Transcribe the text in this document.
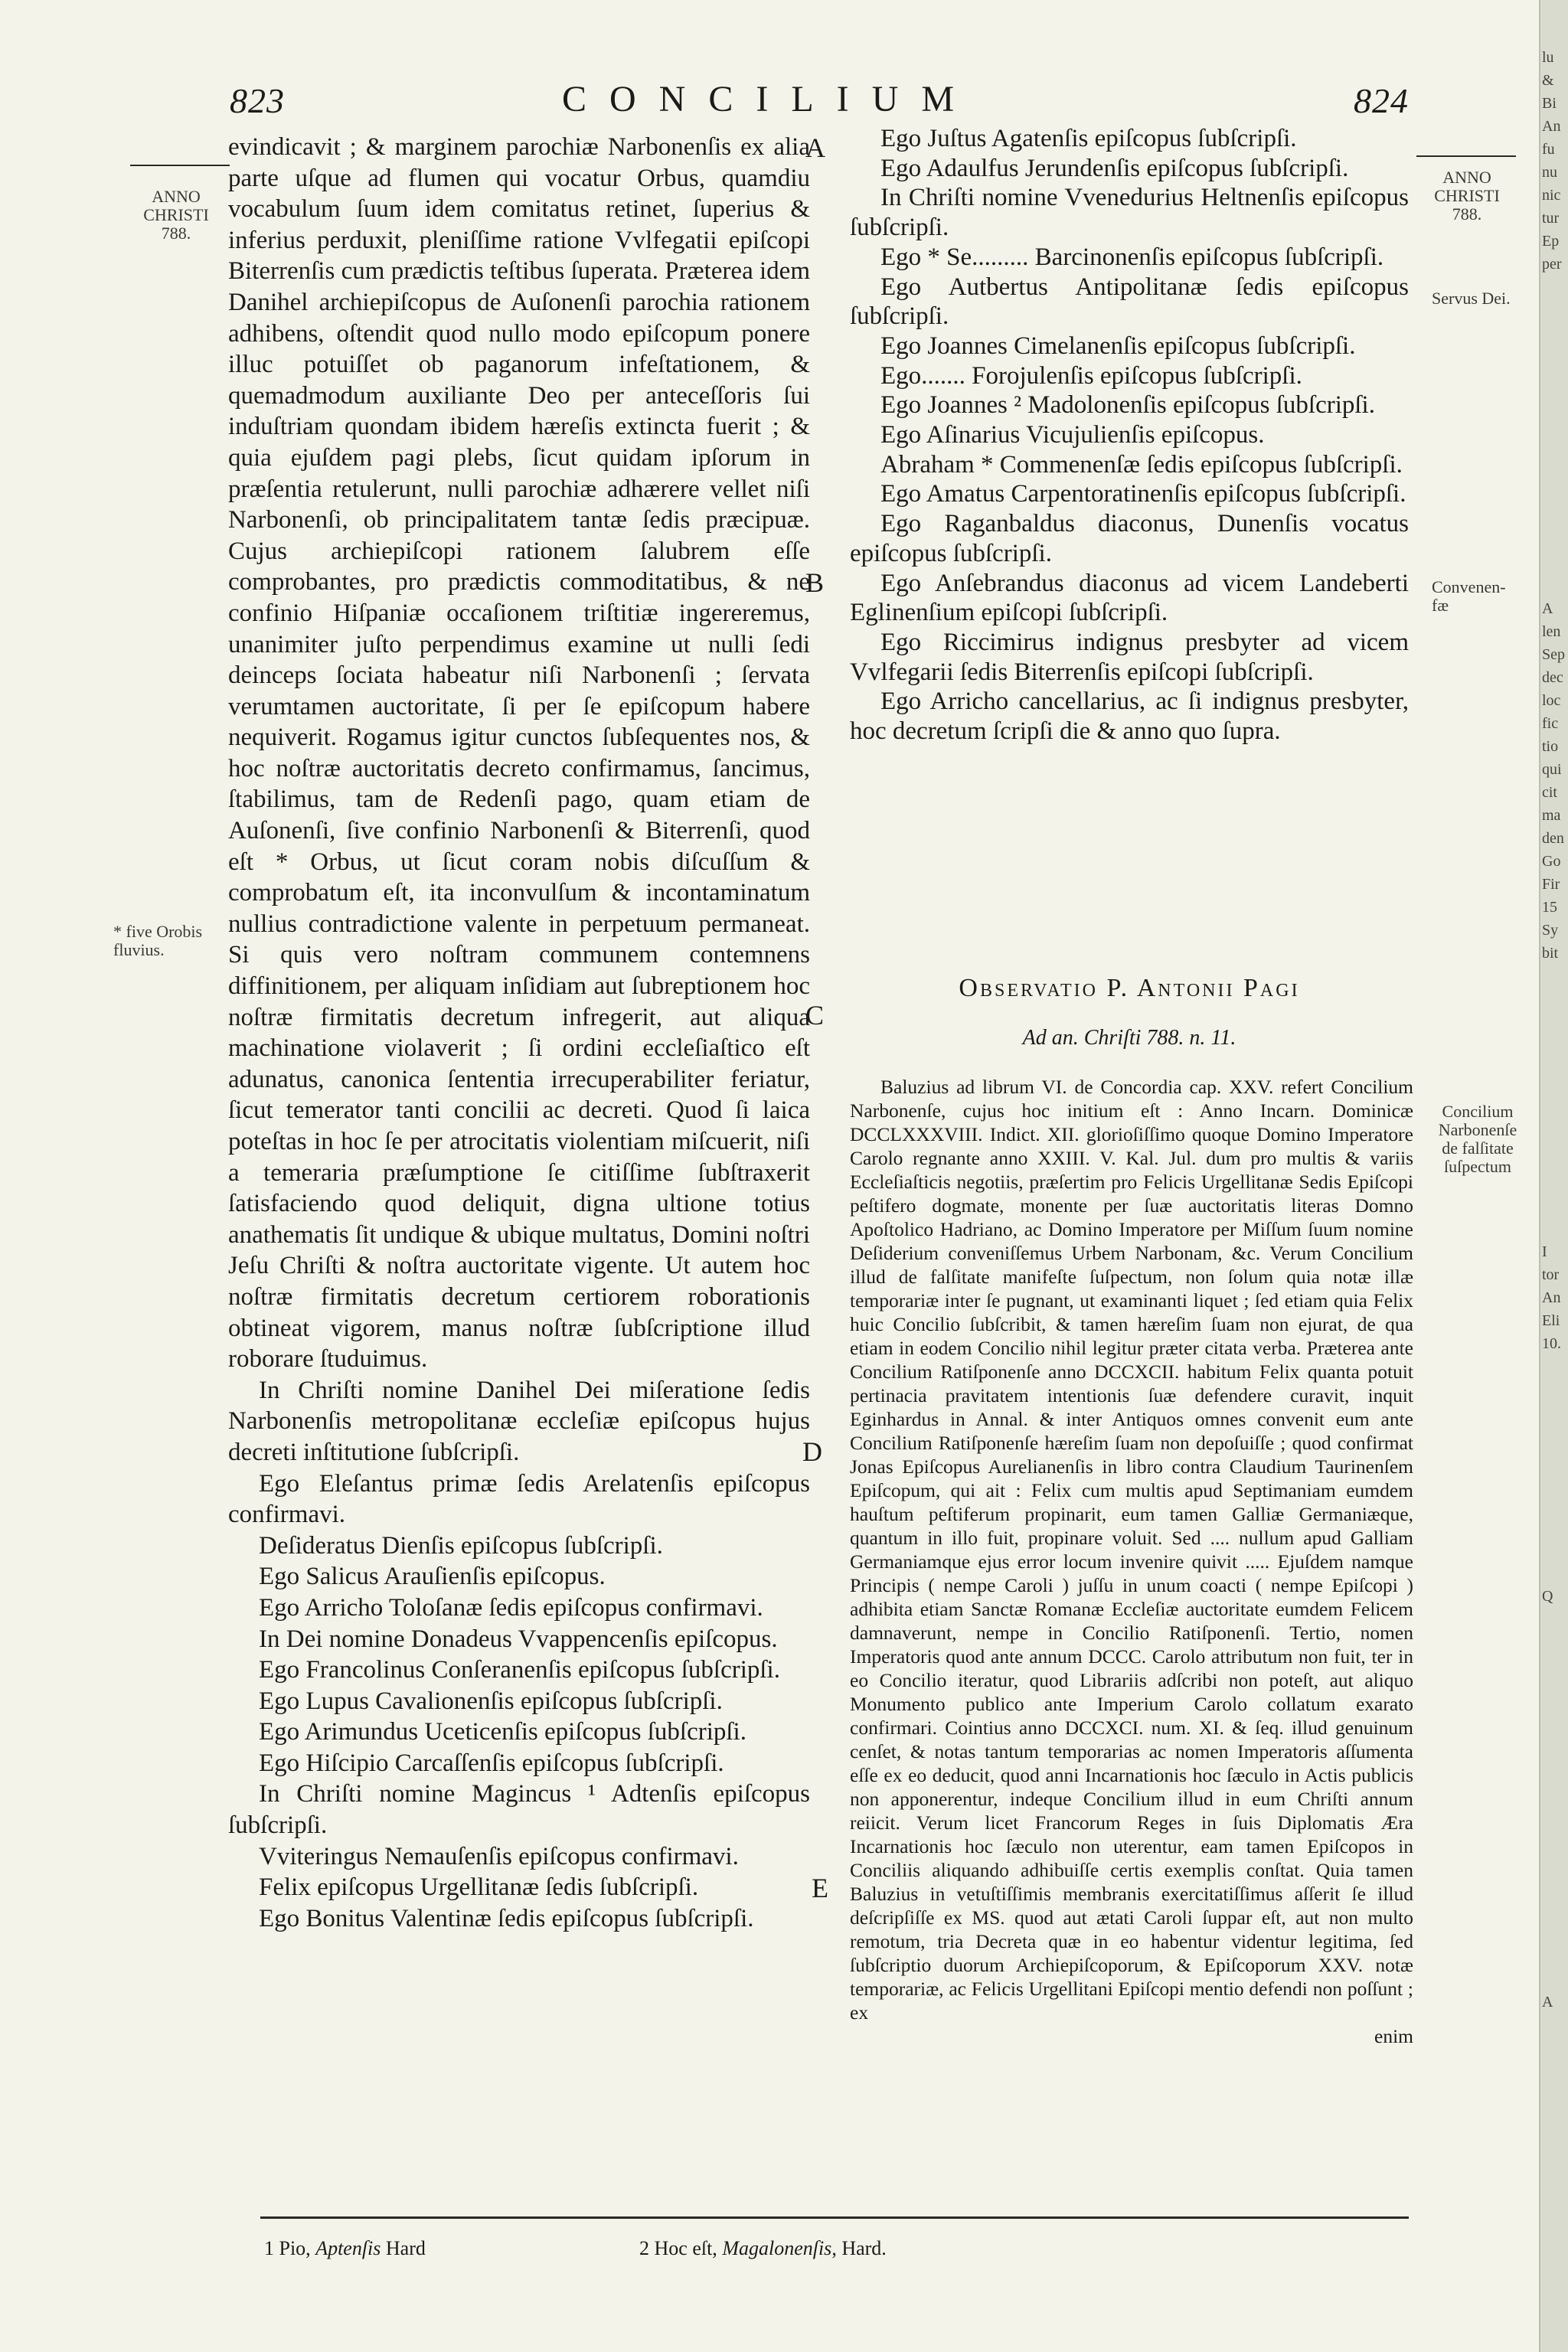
823	CONCILIUM	824
ANNO
CHRISTI
788.
ANNO
CHRISTI
788.
* five Orobis
fluvius.
Servus Dei.
Convenen-
fæ
Concilium
Narbonenſe
de falſitate
ſuſpectum
A
B
C
D
E

evindicavit ; & marginem parochiæ Narbonenſis ex alia parte uſque ad flumen qui vocatur Orbus, quamdiu vocabulum ſuum idem comitatus retinet, ſuperius & inferius perduxit, pleniſſime ratione Vvlfegatii epiſcopi Biterrenſis cum prædictis teſtibus ſuperata. Præterea idem Danihel archiepiſcopus de Auſonenſi parochia rationem adhibens, oſtendit quod nullo modo epiſcopum ponere illuc potuiſſet ob paganorum infeſtationem, & quemadmodum auxiliante Deo per anteceſſoris ſui induſtriam quondam ibidem hæreſis extincta fuerit ; & quia ejuſdem pagi plebs, ſicut quidam ipſorum in præſentia retulerunt, nulli parochiæ adhærere vellet niſi Narbonenſi, ob principalitatem tantæ ſedis præcipuæ. Cujus archiepiſcopi rationem ſalubrem eſſe comprobantes, pro prædictis commoditatibus, & ne confinio Hiſpaniæ occaſionem triſtitiæ ingereremus, unanimiter juſto perpendimus examine ut nulli ſedi deinceps ſociata habeatur niſi Narbonenſi ; ſervata verumtamen auctoritate, ſi per ſe epiſcopum habere nequiverit. Rogamus igitur cunctos ſubſequentes nos, & hoc noſtræ auctoritatis decreto confirmamus, ſancimus, ſtabilimus, tam de Redenſi pago, quam etiam de Auſonenſi, ſive confinio Narbonenſi & Biterrenſi, quod eſt * Orbus, ut ſicut coram nobis diſcuſſum & comprobatum eſt, ita inconvulſum & incontaminatum nullius contradictione valente in perpetuum permaneat. Si quis vero noſtram communem contemnens diffinitionem, per aliquam inſidiam aut ſubreptionem hoc noſtræ firmitatis decretum infregerit, aut aliqua machinatione violaverit ; ſi ordini eccleſiaſtico eſt adunatus, canonica ſententia irrecuperabiliter feriatur, ſicut temerator tanti concilii ac decreti. Quod ſi laica poteſtas in hoc ſe per atrocitatis violentiam miſcuerit, niſi a temeraria præſumptione ſe citiſſime ſubſtraxerit ſatisfaciendo quod deliquit, digna ultione totius anathematis ſit undique & ubique multatus, Domini noſtri Jeſu Chriſti & noſtra auctoritate vigente. Ut autem hoc noſtræ firmitatis decretum certiorem roborationis obtineat vigorem, manus noſtræ ſubſcriptione illud roborare ſtuduimus.

In Chriſti nomine Danihel Dei miſeratione ſedis Narbonenſis metropolitanæ eccleſiæ epiſcopus hujus decreti inſtitutione ſubſcripſi.

Ego Eleſantus primæ ſedis Arelatenſis epiſcopus confirmavi.

Deſideratus Dienſis epiſcopus ſubſcripſi.

Ego Salicus Arauſienſis epiſcopus.

Ego Arricho Toloſanæ ſedis epiſcopus confirmavi.

In Dei nomine Donadeus Vvappencenſis epiſcopus.

Ego Francolinus Conſeranenſis epiſcopus ſubſcripſi.

Ego Lupus Cavalionenſis epiſcopus ſubſcripſi.

Ego Arimundus Uceticenſis epiſcopus ſubſcripſi.

Ego Hiſcipio Carcaſſenſis epiſcopus ſubſcripſi.

In Chriſti nomine Magincus ¹ Adtenſis epiſcopus ſubſcripſi.

Vviteringus Nemauſenſis epiſcopus confirmavi.

Felix epiſcopus Urgellitanæ ſedis ſubſcripſi.

Ego Bonitus Valentinæ ſedis epiſcopus ſubſcripſi.

Ego Juſtus Agatenſis epiſcopus ſubſcripſi.

Ego Adaulfus Jerundenſis epiſcopus ſubſcripſi.

In Chriſti nomine Vvenedurius Heltnenſis epiſcopus ſubſcripſi.

Ego * Se......... Barcinonenſis epiſcopus ſubſcripſi.

Ego Autbertus Antipolitanæ ſedis epiſcopus ſubſcripſi.

Ego Joannes Cimelanenſis epiſcopus ſubſcripſi.

Ego....... Forojulenſis epiſcopus ſubſcripſi.

Ego Joannes ² Madolonenſis epiſcopus ſubſcripſi.

Ego Aſinarius Vicujulienſis epiſcopus.

Abraham * Commenenſæ ſedis epiſcopus ſubſcripſi.

Ego Amatus Carpentoratinenſis epiſcopus ſubſcripſi.

Ego Raganbaldus diaconus, Dunenſis vocatus epiſcopus ſubſcripſi.

Ego Anſebrandus diaconus ad vicem Landeberti Eglinenſium epiſcopi ſubſcripſi.

Ego Riccimirus indignus presbyter ad vicem Vvlfegarii ſedis Biterrenſis epiſcopi ſubſcripſi.

Ego Arricho cancellarius, ac ſi indignus presbyter, hoc decretum ſcripſi die & anno quo ſupra.

Observatio P. Antonii Pagi
Ad an. Chriſti 788. n. 11.
Baluzius ad librum VI. de Concordia cap. XXV. refert Concilium Narbonenſe, cujus hoc initium eſt : Anno Incarn. Dominicæ DCCLXXXVIII. Indict. XII. glorioſiſſimo quoque Domino Imperatore Carolo regnante anno XXIII. V. Kal. Jul. dum pro multis & variis Eccleſiaſticis negotiis, præſertim pro Felicis Urgellitanæ Sedis Epiſcopi peſtifero dogmate, monente per ſuæ auctoritatis literas Domno Apoſtolico Hadriano, ac Domino Imperatore per Miſſum ſuum nomine Deſiderium conveniſſemus Urbem Narbonam, &c. Verum Concilium illud de falſitate manifeſte ſuſpectum, non ſolum quia notæ illæ temporariæ inter ſe pugnant, ut examinanti liquet ; ſed etiam quia Felix huic Concilio ſubſcribit, & tamen hæreſim ſuam non ejurat, de qua etiam in eodem Concilio nihil legitur præter citata verba. Præterea ante Concilium Ratiſponenſe anno DCCXCII. habitum Felix quanta potuit pertinacia pravitatem intentionis ſuæ defendere curavit, inquit Eginhardus in Annal. & inter Antiquos omnes convenit eum ante Concilium Ratiſponenſe hæreſim ſuam non depoſuiſſe ; quod confirmat Jonas Epiſcopus Aurelianenſis in libro contra Claudium Taurinenſem Epiſcopum, qui ait : Felix cum multis apud Septimaniam eumdem hauſtum peſtiferum propinarit, eum tamen Galliæ Germaniæque, quantum in illo fuit, propinare voluit. Sed .... nullum apud Galliam Germaniamque ejus error locum invenire quivit ..... Ejuſdem namque Principis ( nempe Caroli ) juſſu in unum coacti ( nempe Epiſcopi ) adhibita etiam Sanctæ Romanæ Eccleſiæ auctoritate eumdem Felicem damnaverunt, nempe in Concilio Ratiſponenſi. Tertio, nomen Imperatoris quod ante annum DCCC. Carolo attributum non fuit, ter in eo Concilio iteratur, quod Librariis adſcribi non poteſt, aut aliquo Monumento publico ante Imperium Carolo collatum exarato confirmari. Cointius anno DCCXCI. num. XI. & ſeq. illud genuinum cenſet, & notas tantum temporarias ac nomen Imperatoris aſſumenta eſſe ex eo deducit, quod anni Incarnationis hoc ſæculo in Actis publicis non apponerentur, indeque Concilium illud in eum Chriſti annum reiicit. Verum licet Francorum Reges in ſuis Diplomatis Æra Incarnationis hoc ſæculo non uterentur, eam tamen Epiſcopos in Conciliis aliquando adhibuiſſe certis exemplis conſtat. Quia tamen Baluzius in vetuſtiſſimis membranis exercitatiſſimus aſſerit ſe illud deſcripſiſſe ex MS. quod aut ætati Caroli ſuppar eſt, aut non multo remotum, tria Decreta quæ in eo habentur videntur legitima, ſed ſubſcriptio duorum Archiepiſcoporum, & Epiſcoporum XXV. notæ temporariæ, ac Felicis Urgellitani Epiſcopi mentio defendi non poſſunt ; ex
enim
1 Pio, Aptenſis Hard	2 Hoc eſt, Magalonenſis, Hard.
lu
&
Bi
An
fu
nu
nic
tur
Ep
per
A
len
Sep
dec
loc
fic
tio
qui
cit
ma
den
Go
Fir
15
Sy
bit
I
tor
An
Eli
10.
Q
A
